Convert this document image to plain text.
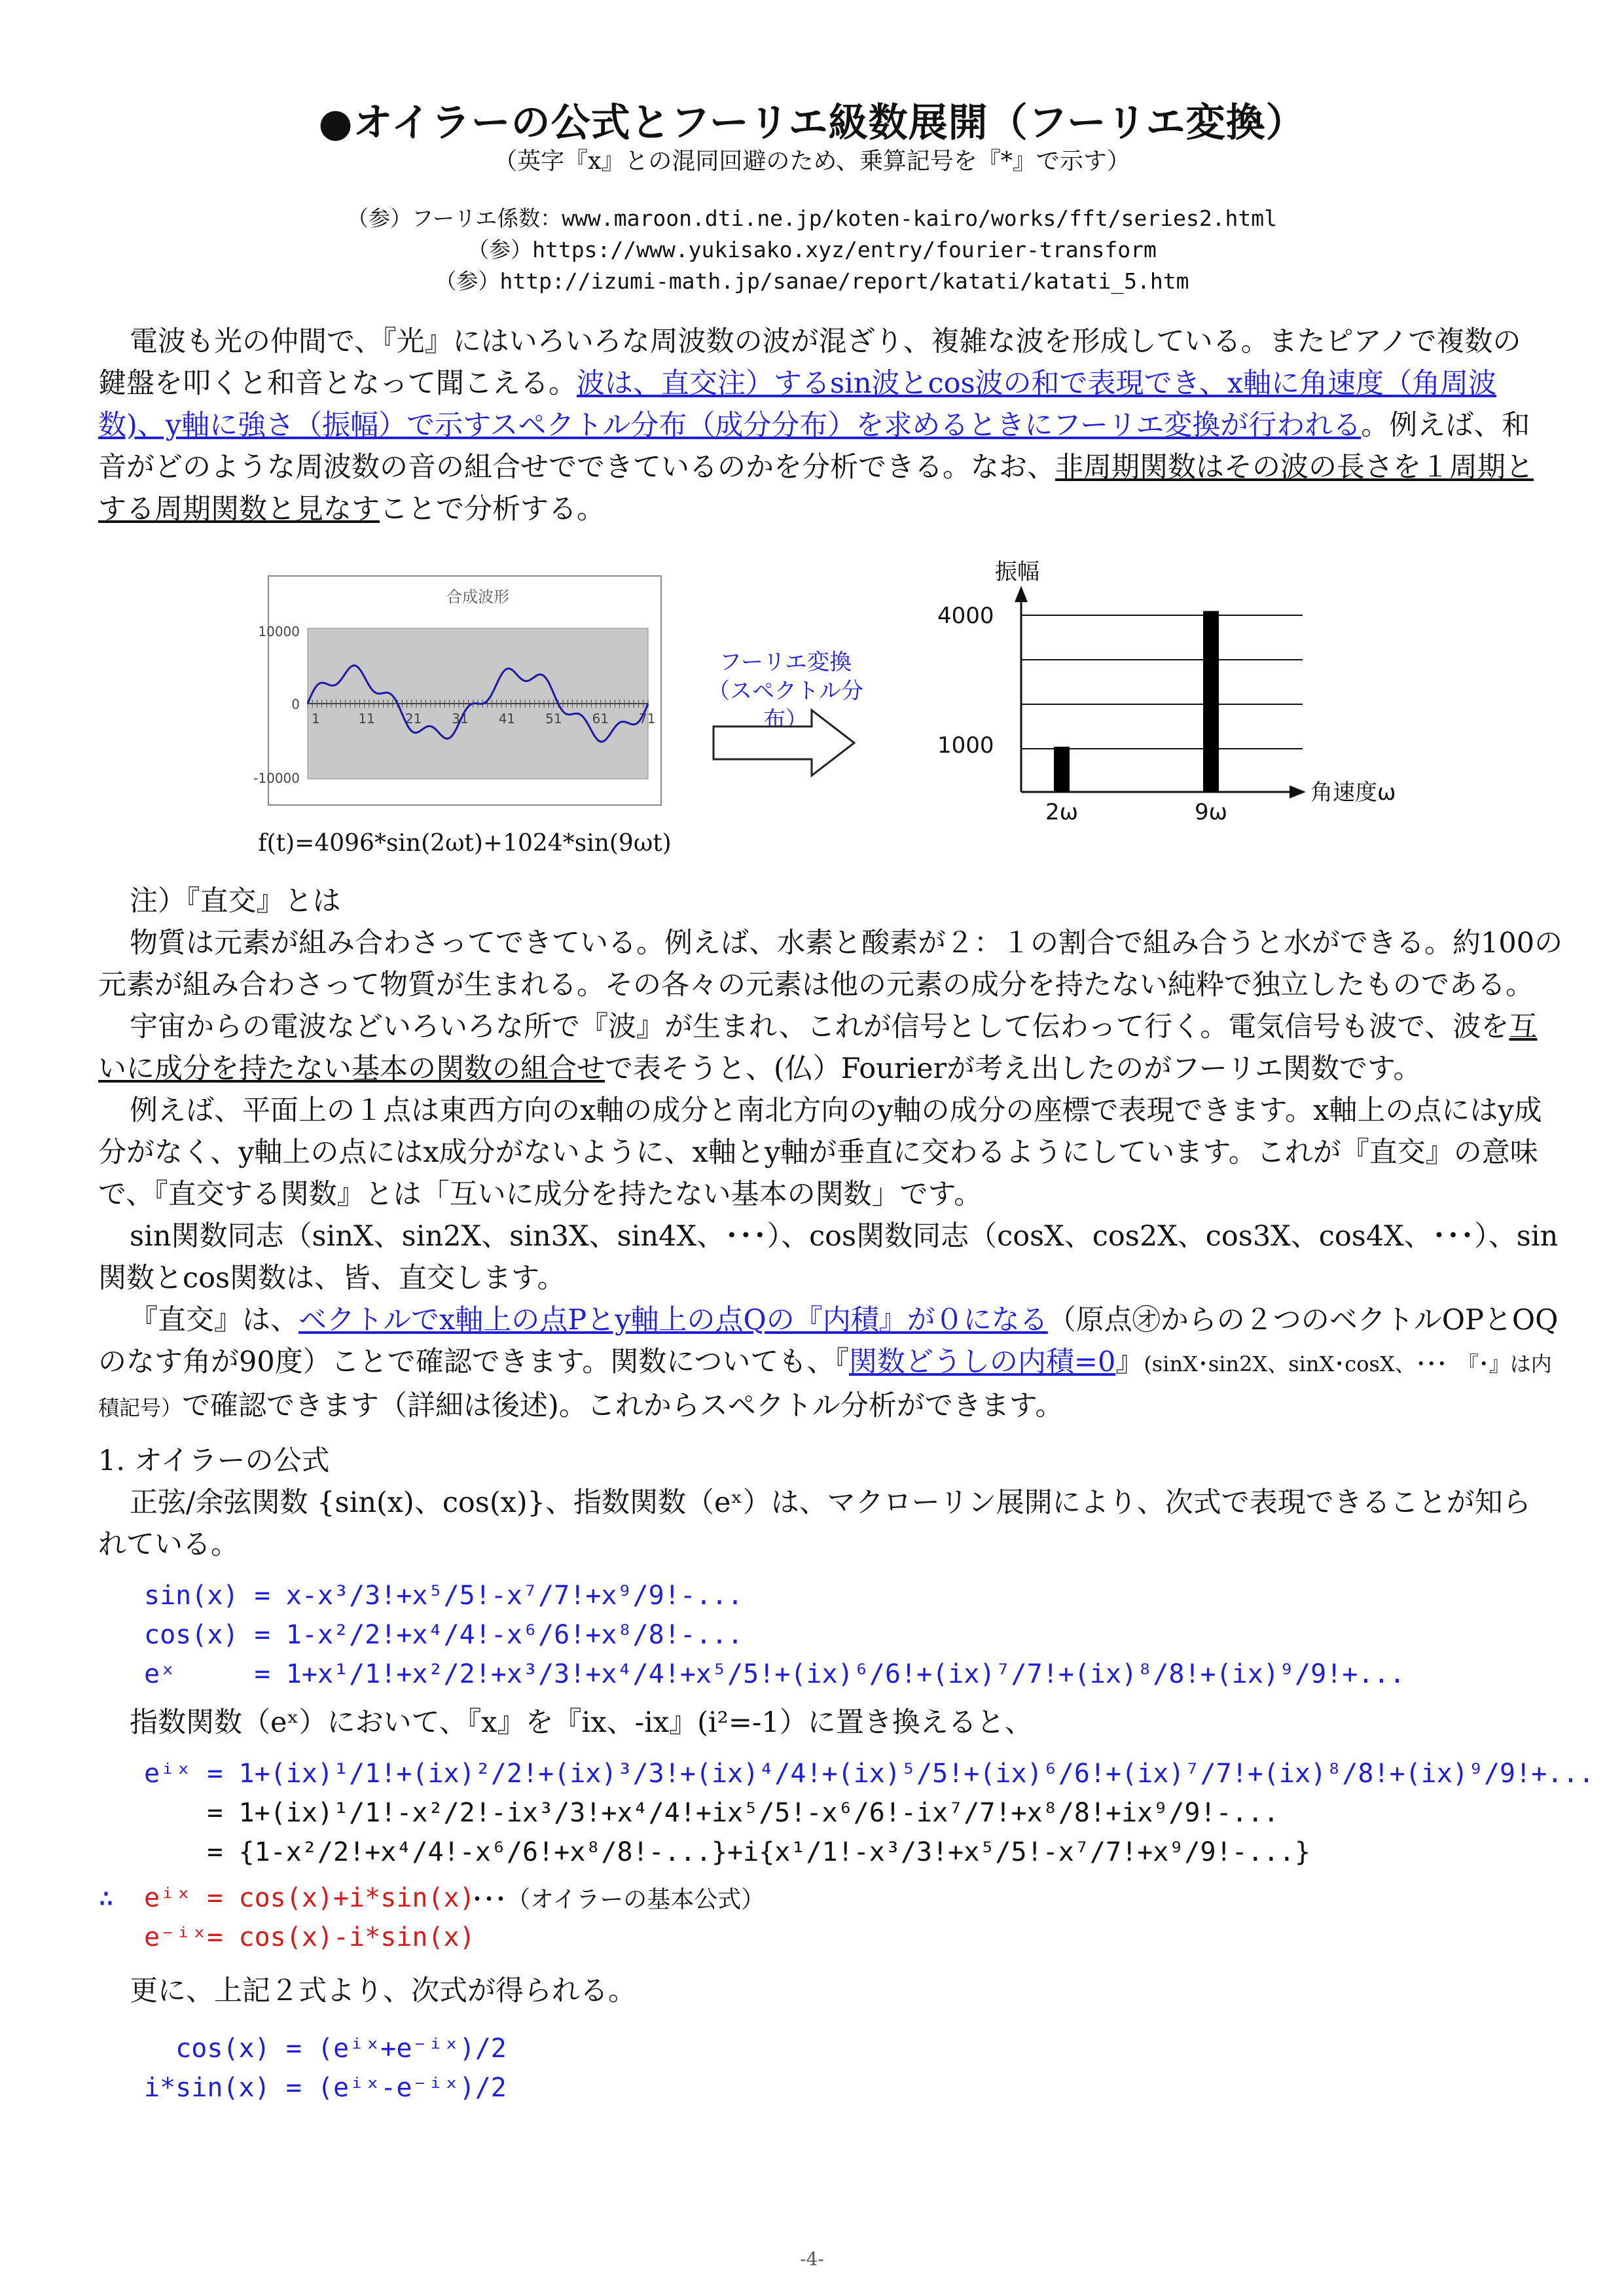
●オイラーの公式とフーリエ級数展開（フーリエ変換）
（英字『x』との混同回避のため、乗算記号を『*』で示す）
（参）フーリエ係数：www.maroon.dti.ne.jp/koten-kairo/works/fft/series2.html
（参）https://www.yukisako.xyz/entry/fourier-transform
（参）http://izumi-math.jp/sanae/report/katati/katati_5.htm
電波も光の仲間で、『光』にはいろいろな周波数の波が混ざり、複雑な波を形成している。またピアノで複数の鍵盤を叩くと和音となって聞こえる。波は、直交注）するsin波とcos波の和で表現でき、x軸に角速度（角周波数)、y軸に強さ（振幅）で示すスペクトル分布（成分分布）を求めるときにフーリエ変換が行われる。例えば、和音がどのような周波数の音の組合せでできているのかを分析できる。なお、非周期関数はその波の長さを１周期とする周期関数と見なすことで分析する。
合成波形
10000
0
-10000
1	11 21 31 41 51 61 71
f(t)=4096*sin(2ωt)+1024*sin(9ωt)
フーリエ変換
（スペクトル分布）
振幅
4000
1000
2ω	9ω
角速度ω
注）『直交』とは
物質は元素が組み合わさってできている。例えば、水素と酸素が２：１の割合で組み合うと水ができる。約100の元素が組み合わさって物質が生まれる。その各々の元素は他の元素の成分を持たない純粋で独立したものである。
宇宙からの電波などいろいろな所で『波』が生まれ、これが信号として伝わって行く。電気信号も波で、波を互いに成分を持たない基本の関数の組合せで表そうと、(仏）Fourierが考え出したのがフーリエ関数です。
例えば、平面上の１点は東西方向のx軸の成分と南北方向のy軸の成分の座標で表現できます。x軸上の点にはy成分がなく、y軸上の点にはx成分がないように、x軸とy軸が垂直に交わるようにしています。これが『直交』の意味で、『直交する関数』とは「互いに成分を持たない基本の関数」です。
sin関数同志（sinX、sin2X、sin3X、sin4X、･･･）、cos関数同志（cosX、cos2X、cos3X、cos4X、･･･）、sin関数とcos関数は、皆、直交します。
『直交』は、ベクトルでx軸上の点Pとy軸上の点Qの『内積』が０になる（原点㋔からの２つのベクトルOPとOQのなす角が90度）ことで確認できます。関数についても、『関数どうしの内積=0』(sinX･sin2X、sinX･cosX、･･･　『･』は内積記号）で確認できます（詳細は後述)。これからスペクトル分析ができます。
1. オイラーの公式
正弦/余弦関数 {sin(x)、cos(x)}、指数関数（eˣ）は、マクローリン展開により、次式で表現できることが知られている。
sin(x) = x-x³/3!+x⁵/5!-x⁷/7!+x⁹/9!-...
cos(x) = 1-x²/2!+x⁴/4!-x⁶/6!+x⁸/8!-...
eˣ     = 1+x¹/1!+x²/2!+x³/3!+x⁴/4!+x⁵/5!+(ix)⁶/6!+(ix)⁷/7!+(ix)⁸/8!+(ix)⁹/9!+...
指数関数（eˣ）において、『x』を『ix、-ix』(i²=-1）に置き換えると、
eⁱˣ = 1+(ix)¹/1!+(ix)²/2!+(ix)³/3!+(ix)⁴/4!+(ix)⁵/5!+(ix)⁶/6!+(ix)⁷/7!+(ix)⁸/8!+(ix)⁹/9!+...
= 1+(ix)¹/1!-x²/2!-ix³/3!+x⁴/4!+ix⁵/5!-x⁶/6!-ix⁷/7!+x⁸/8!+ix⁹/9!-...
= {1-x²/2!+x⁴/4!-x⁶/6!+x⁸/8!-...}+i{x¹/1!-x³/3!+x⁵/5!-x⁷/7!+x⁹/9!-...}
∴ eⁱˣ = cos(x)+i*sin(x)
･･･（オイラーの基本公式）
e⁻ⁱˣ= cos(x)-i*sin(x)
更に、上記２式より、次式が得られる。
cos(x) = (eⁱˣ+e⁻ⁱˣ)/2
i*sin(x) = (eⁱˣ-e⁻ⁱˣ)/2
-4-
